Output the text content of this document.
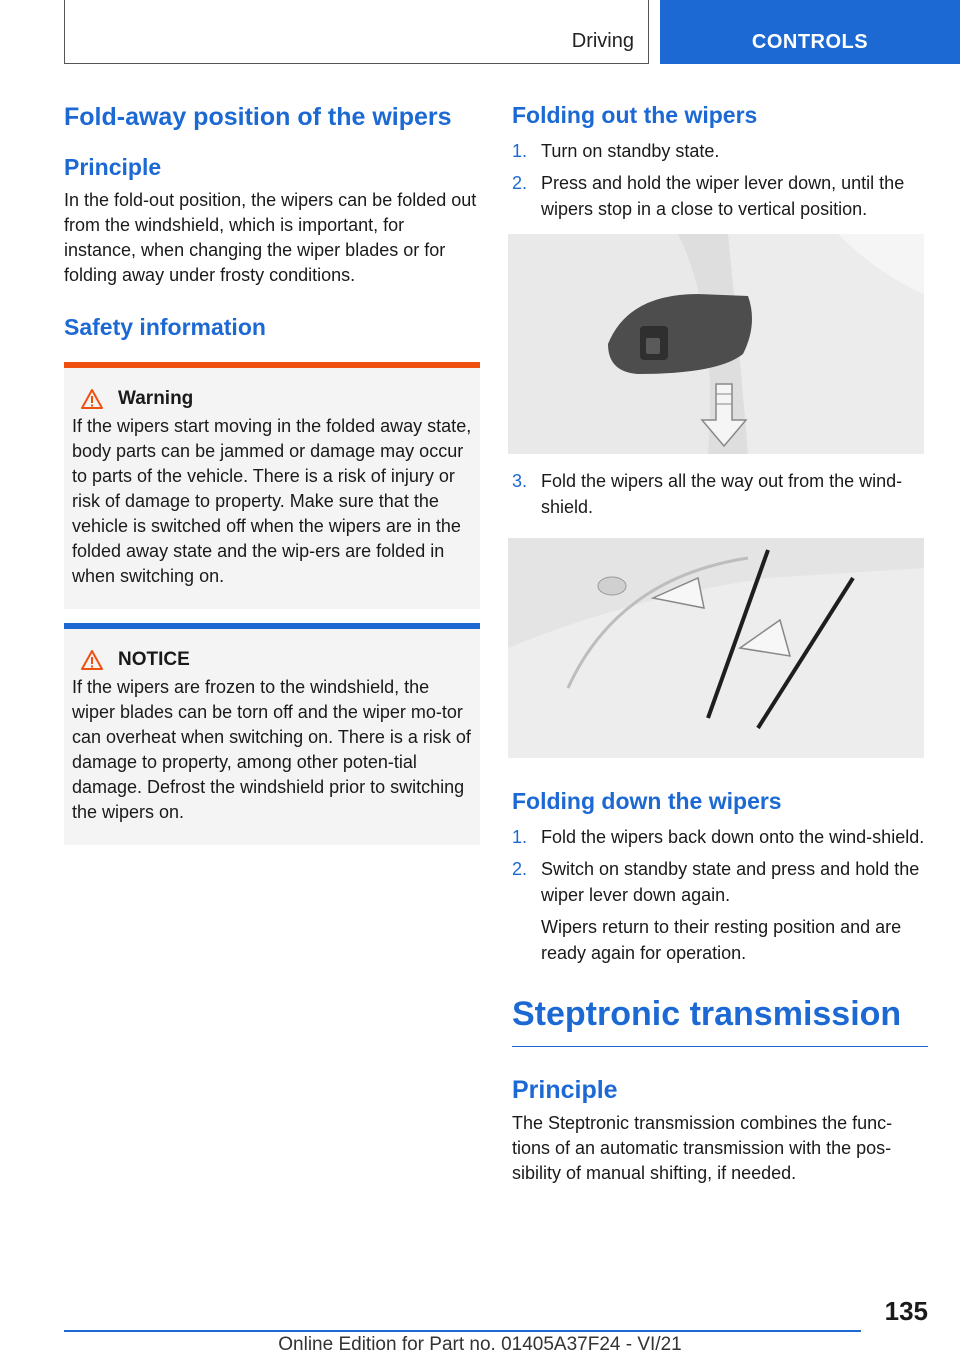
Driving	CONTROLS
Fold-away position of the wipers
Principle

In the fold-out position, the wipers can be folded out from the windshield, which is important, for instance, when changing the wiper blades or for folding away under frosty conditions.

Safety information
Warning

If the wipers start moving in the folded away state, body parts can be jammed or damage may occur to parts of the vehicle. There is a risk of injury or risk of damage to property. Make sure that the vehicle is switched off when the wipers are in the folded away state and the wip-ers are folded in when switching on.

NOTICE

If the wipers are frozen to the windshield, the wiper blades can be torn off and the wiper mo-tor can overheat when switching on. There is a risk of damage to property, among other poten-tial damage. Defrost the windshield prior to switching the wipers on.

Folding out the wipers
1. Turn on standby state.
2. Press and hold the wiper lever down, until the wipers stop in a close to vertical position.
3. Fold the wipers all the way out from the wind-shield.
Folding down the wipers
1. Fold the wipers back down onto the wind-shield.
2. Switch on standby state and press and hold the wiper lever down again.
Wipers return to their resting position and are ready again for operation.
Steptronic transmission
Principle

The Steptronic transmission combines the func-tions of an automatic transmission with the pos-sibility of manual shifting, if needed.

135
Online Edition for Part no. 01405A37F24 - VI/21
